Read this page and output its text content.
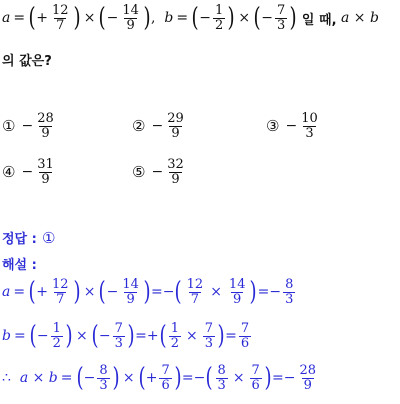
a = ( + $\frac{12}{7}$ ) × ( − $\frac{14}{9}$ ) , b = ( − $\frac{1}{2}$ ) × ( − $\frac{7}{3}$ )
일 때,
a × b
의 값은?
① − $\frac{28}{9}$	② − $\frac{29}{9}$	③ − $\frac{10}{3}$
④ − $\frac{31}{9}$	⑤ − $\frac{32}{9}$
정답 :
①
해설 :
a = ( + $\frac{12}{7}$ ) × ( − $\frac{14}{9}$ ) =− ( $\frac{12}{7} \times \frac{14}{9}$ ) =− $\frac{8}{3}$
b = ( − $\frac{1}{2}$ ) × ( − $\frac{7}{3}$ ) =+ ( $\frac{1}{2} \times \frac{7}{3}$ ) = $\frac{7}{6}$
∴
a × b = ( − $\frac{8}{3}$ ) × ( + $\frac{7}{6}$ ) =− ( $\frac{8}{3} \times \frac{7}{6}$ ) =− $\frac{28}{9}$
